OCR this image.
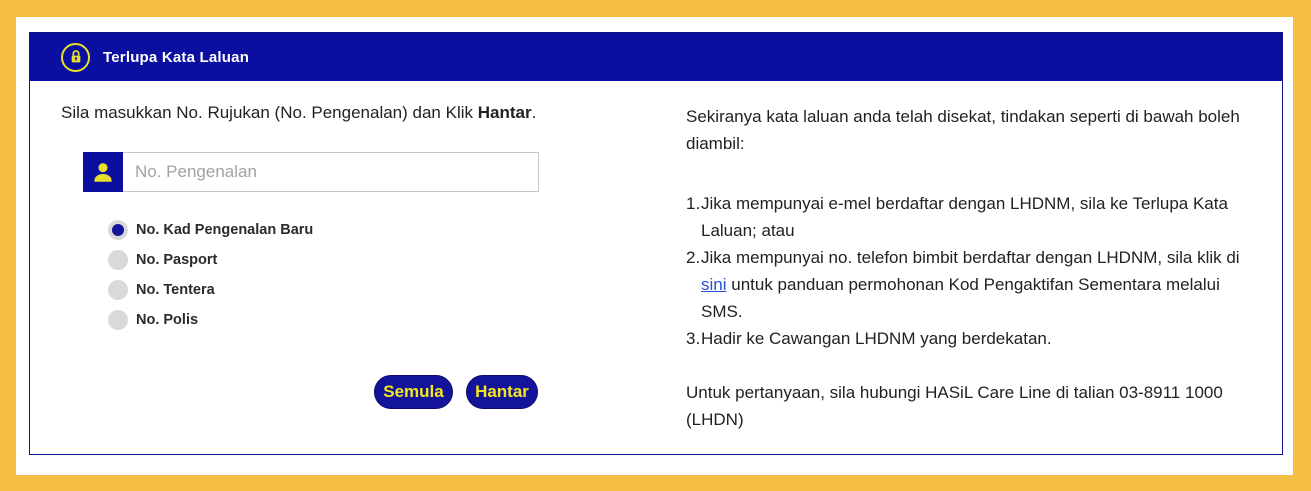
Terlupa Kata Laluan

Sila masukkan No. Rujukan (No. Pengenalan) dan Klik Hantar.

No. Pengenalan
No. Kad Pengenalan Baru
No. Pasport
No. Tentera
No. Polis
Semula	Hantar

Sekiranya kata laluan anda telah disekat, tindakan seperti di bawah boleh diambil:

Jika mempunyai e-mel berdaftar dengan LHDNM, sila ke Terlupa Kata Laluan; atau
Jika mempunyai no. telefon bimbit berdaftar dengan LHDNM, sila klik di sini untuk panduan permohonan Kod Pengaktifan Sementara melalui SMS.
Hadir ke Cawangan LHDNM yang berdekatan.

Untuk pertanyaan, sila hubungi HASiL Care Line di talian 03-8911 1000 (LHDN)
